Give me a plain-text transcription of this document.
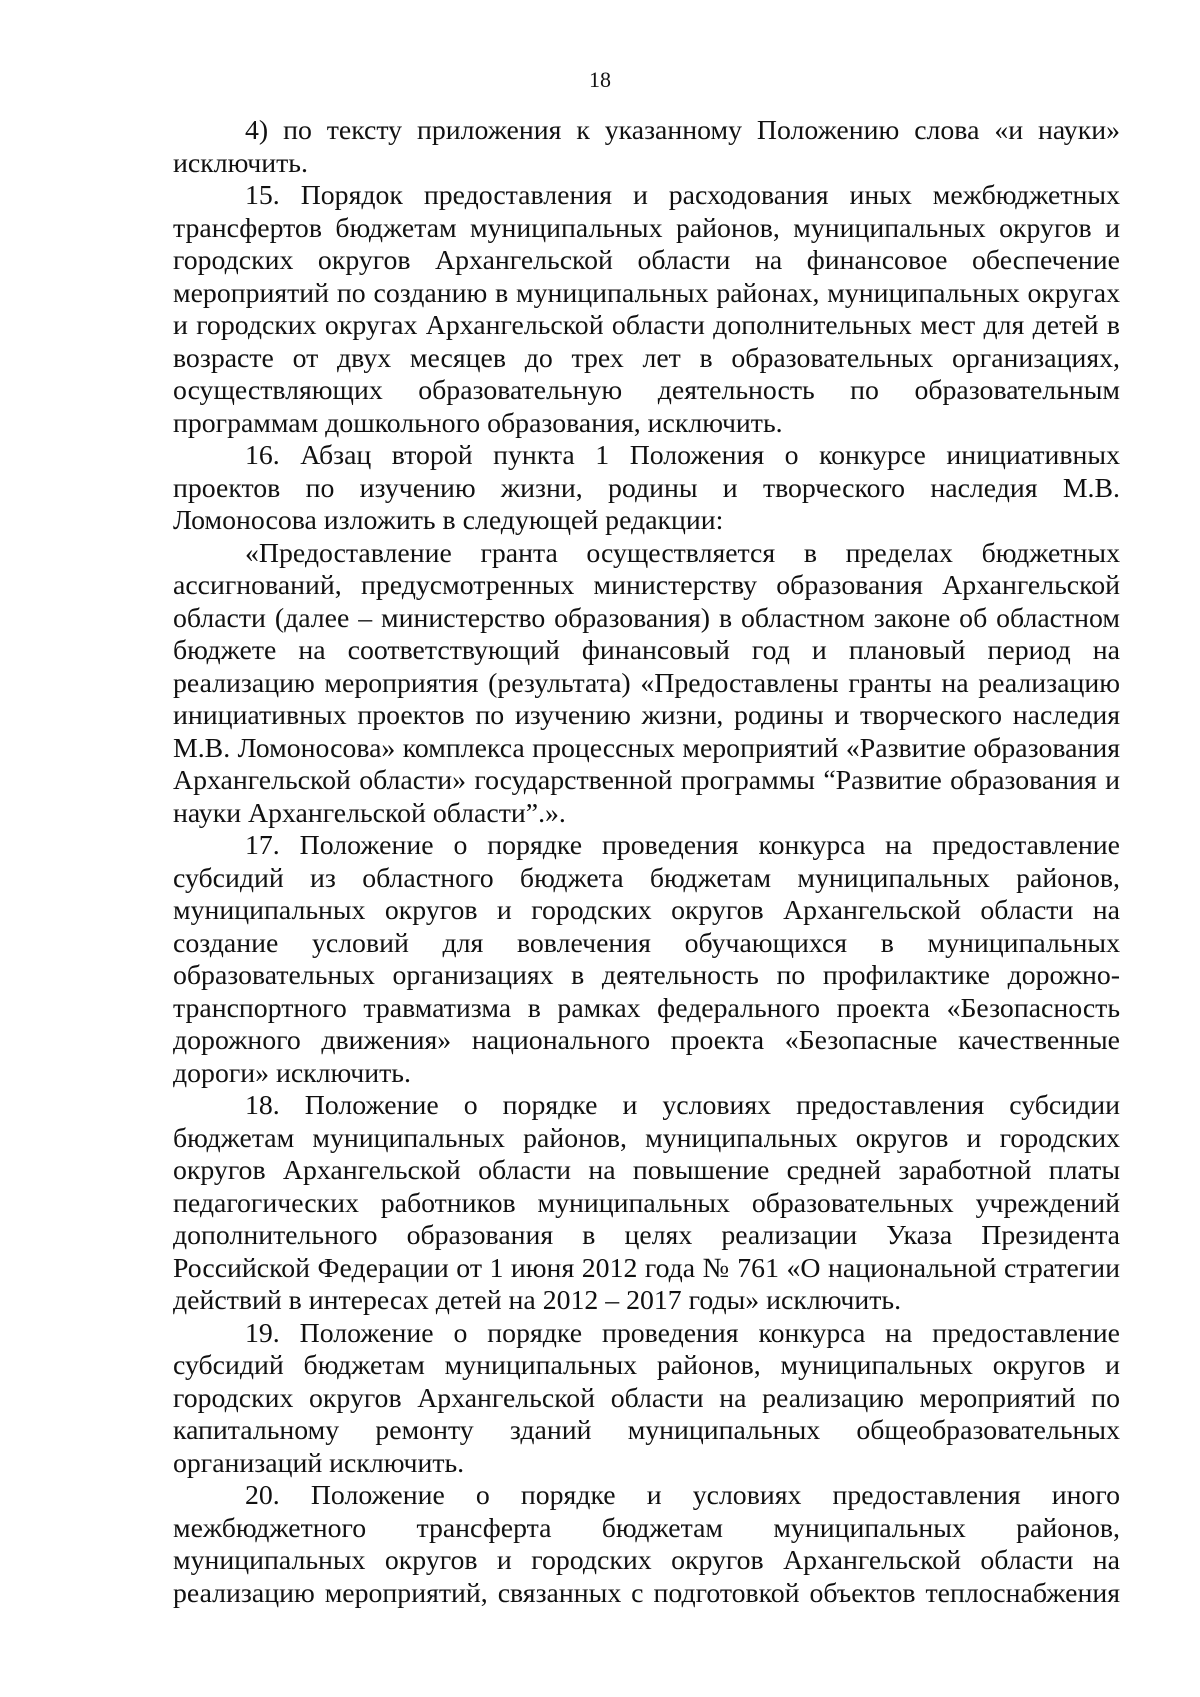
18

4) по тексту приложения к указанному Положению слова «и науки» исключить.

15. Порядок предоставления и расходования иных межбюджетных трансфертов бюджетам муниципальных районов, муниципальных округов и городских округов Архангельской области на финансовое обеспечение мероприятий по созданию в муниципальных районах, муниципальных округах и городских округах Архангельской области дополнительных мест для детей в возрасте от двух месяцев до трех лет в образовательных организациях, осуществляющих образовательную деятельность по образовательным программам дошкольного образования, исключить.

16. Абзац второй пункта 1 Положения о конкурсе инициативных проектов по изучению жизни, родины и творческого наследия М.В. Ломоносова изложить в следующей редакции:

«Предоставление гранта осуществляется в пределах бюджетных ассигнований, предусмотренных министерству образования Архангельской области (далее – министерство образования) в областном законе об областном бюджете на соответствующий финансовый год и плановый период на реализацию мероприятия (результата) «Предоставлены гранты на реализацию инициативных проектов по изучению жизни, родины и творческого наследия М.В. Ломоносова» комплекса процессных мероприятий «Развитие образования Архангельской области» государственной программы “Развитие образования и науки Архангельской области”.».

17. Положение о порядке проведения конкурса на предоставление субсидий из областного бюджета бюджетам муниципальных районов, муниципальных округов и городских округов Архангельской области на создание условий для вовлечения обучающихся в муниципальных образовательных организациях в деятельность по профилактике дорожно-транспортного травматизма в рамках федерального проекта «Безопасность дорожного движения» национального проекта «Безопасные качественные дороги» исключить.

18. Положение о порядке и условиях предоставления субсидии бюджетам муниципальных районов, муниципальных округов и городских округов Архангельской области на повышение средней заработной платы педагогических работников муниципальных образовательных учреждений дополнительного образования в целях реализации Указа Президента Российской Федерации от 1 июня 2012 года № 761 «О национальной стратегии действий в интересах детей на 2012 – 2017 годы» исключить.

19. Положение о порядке проведения конкурса на предоставление субсидий бюджетам муниципальных районов, муниципальных округов и городских округов Архангельской области на реализацию мероприятий по капитальному ремонту зданий муниципальных общеобразовательных организаций исключить.

20. Положение о порядке и условиях предоставления иного межбюджетного трансферта бюджетам муниципальных районов, муниципальных округов и городских округов Архангельской области на реализацию мероприятий, связанных с подготовкой объектов теплоснабжения
